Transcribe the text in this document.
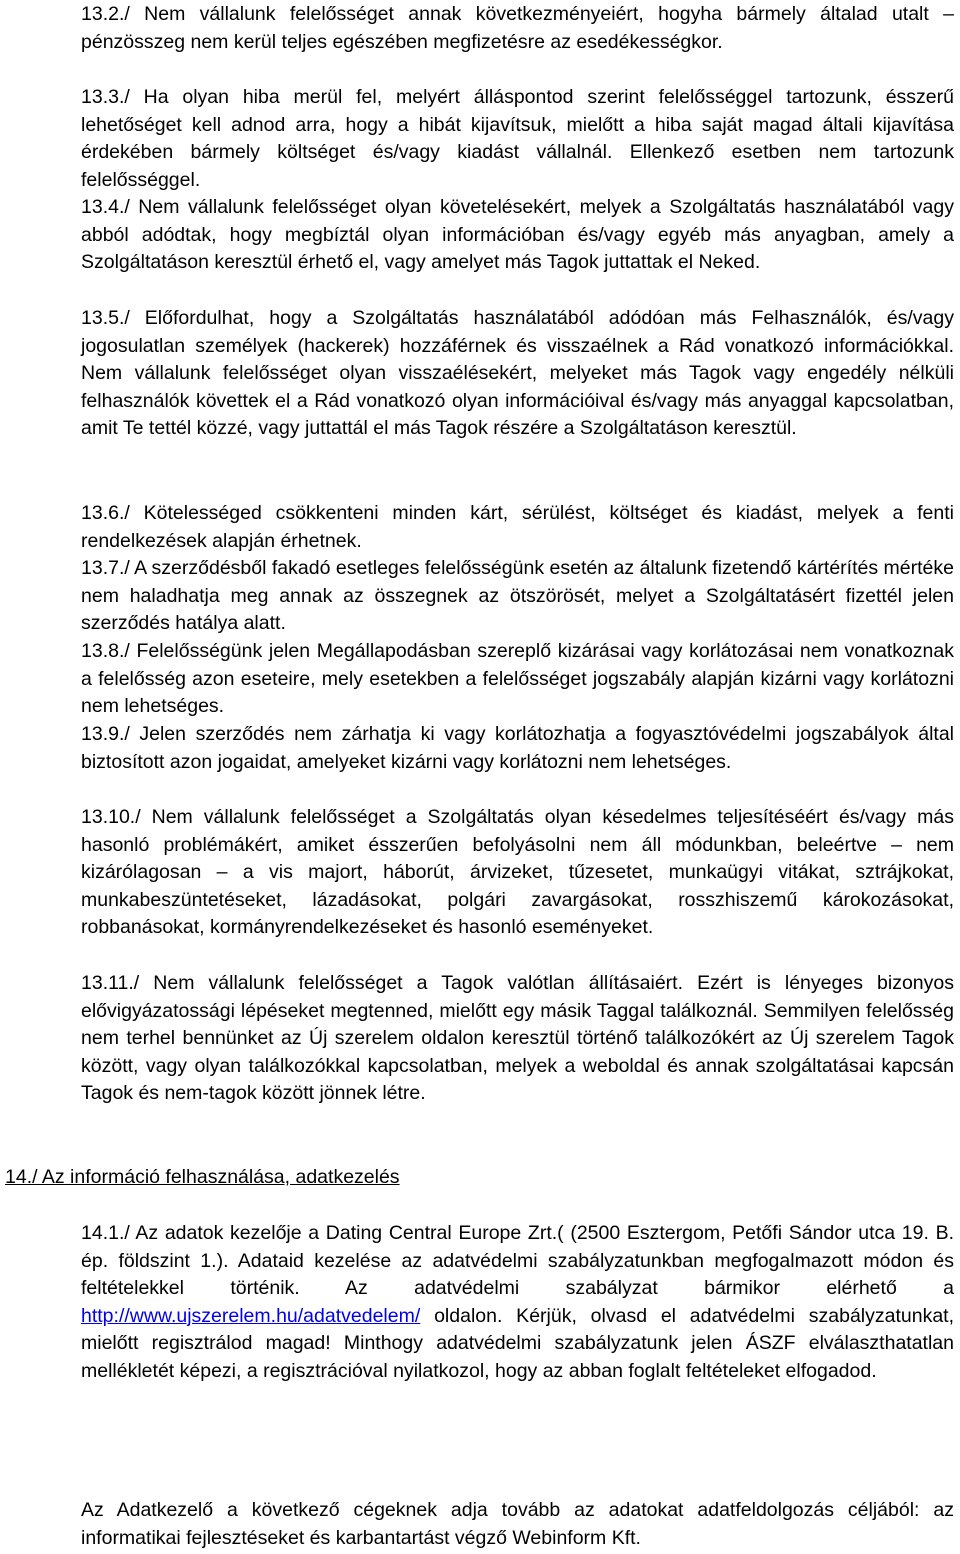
13.2./ Nem vállalunk felelősséget annak következményeiért, hogyha bármely általad utalt – pénzösszeg nem kerül teljes egészében megfizetésre az esedékességkor.

13.3./ Ha olyan hiba merül fel, melyért álláspontod szerint felelősséggel tartozunk, ésszerű lehetőséget kell adnod arra, hogy a hibát kijavítsuk, mielőtt a hiba saját magad általi kijavítása érdekében bármely költséget és/vagy kiadást vállalnál. Ellenkező esetben nem tartozunk felelősséggel.

13.4./ Nem vállalunk felelősséget olyan követelésekért, melyek a Szolgáltatás használatából vagy abból adódtak, hogy megbíztál olyan információban és/vagy egyéb más anyagban, amely a Szolgáltatáson keresztül érhető el, vagy amelyet más Tagok juttattak el Neked.

13.5./ Előfordulhat, hogy a Szolgáltatás használatából adódóan más Felhasználók, és/vagy jogosulatlan személyek (hackerek) hozzáférnek és visszaélnek a Rád vonatkozó információkkal. Nem vállalunk felelősséget olyan visszaélésekért, melyeket más Tagok vagy engedély nélküli felhasználók követtek el a Rád vonatkozó olyan információival és/vagy más anyaggal kapcsolatban, amit Te tettél közzé, vagy juttattál el más Tagok részére a Szolgáltatáson keresztül.

13.6./ Kötelességed csökkenteni minden kárt, sérülést, költséget és kiadást, melyek a fenti rendelkezések alapján érhetnek.

13.7./ A szerződésből fakadó esetleges felelősségünk esetén az általunk fizetendő kártérítés mértéke nem haladhatja meg annak az összegnek az ötszörösét, melyet a Szolgáltatásért fizettél jelen szerződés hatálya alatt.

13.8./ Felelősségünk jelen Megállapodásban szereplő kizárásai vagy korlátozásai nem vonatkoznak a felelősség azon eseteire, mely esetekben a felelősséget jogszabály alapján kizárni vagy korlátozni nem lehetséges.

13.9./ Jelen szerződés nem zárhatja ki vagy korlátozhatja a fogyasztóvédelmi jogszabályok által biztosított azon jogaidat, amelyeket kizárni vagy korlátozni nem lehetséges.

13.10./ Nem vállalunk felelősséget a Szolgáltatás olyan késedelmes teljesítéséért és/vagy más hasonló problémákért, amiket ésszerűen befolyásolni nem áll módunkban, beleértve – nem kizárólagosan – a vis majort, háborút, árvizeket, tűzesetet, munkaügyi vitákat, sztrájkokat, munkabeszüntetéseket, lázadásokat, polgári zavargásokat, rosszhiszemű károkozásokat, robbanásokat, kormányrendelkezéseket és hasonló eseményeket.

13.11./ Nem vállalunk felelősséget a Tagok valótlan állításaiért. Ezért is lényeges bizonyos elővigyázatossági lépéseket megtenned, mielőtt egy másik Taggal találkoznál. Semmilyen felelősség nem terhel bennünket az Új szerelem oldalon keresztül történő találkozókért az Új szerelem Tagok között, vagy olyan találkozókkal kapcsolatban, melyek a weboldal és annak szolgáltatásai kapcsán Tagok és nem-tagok között jönnek létre.

14./ Az információ felhasználása, adatkezelés

14.1./ Az adatok kezelője a Dating Central Europe Zrt.( (2500 Esztergom, Petőfi Sándor utca 19. B. ép. földszint 1.). Adataid kezelése az adatvédelmi szabályzatunkban megfogalmazott módon és feltételekkel történik. Az adatvédelmi szabályzat bármikor elérhető a http://www.ujszerelem.hu/adatvedelem/ oldalon. Kérjük, olvasd el adatvédelmi szabályzatunkat, mielőtt regisztrálod magad! Minthogy adatvédelmi szabályzatunk jelen ÁSZF elválaszthatatlan mellékletét képezi, a regisztrációval nyilatkozol, hogy az abban foglalt feltételeket elfogadod.

Az Adatkezelő a következő cégeknek adja tovább az adatokat adatfeldolgozás céljából: az informatikai fejlesztéseket és karbantartást végző Webinform Kft.
